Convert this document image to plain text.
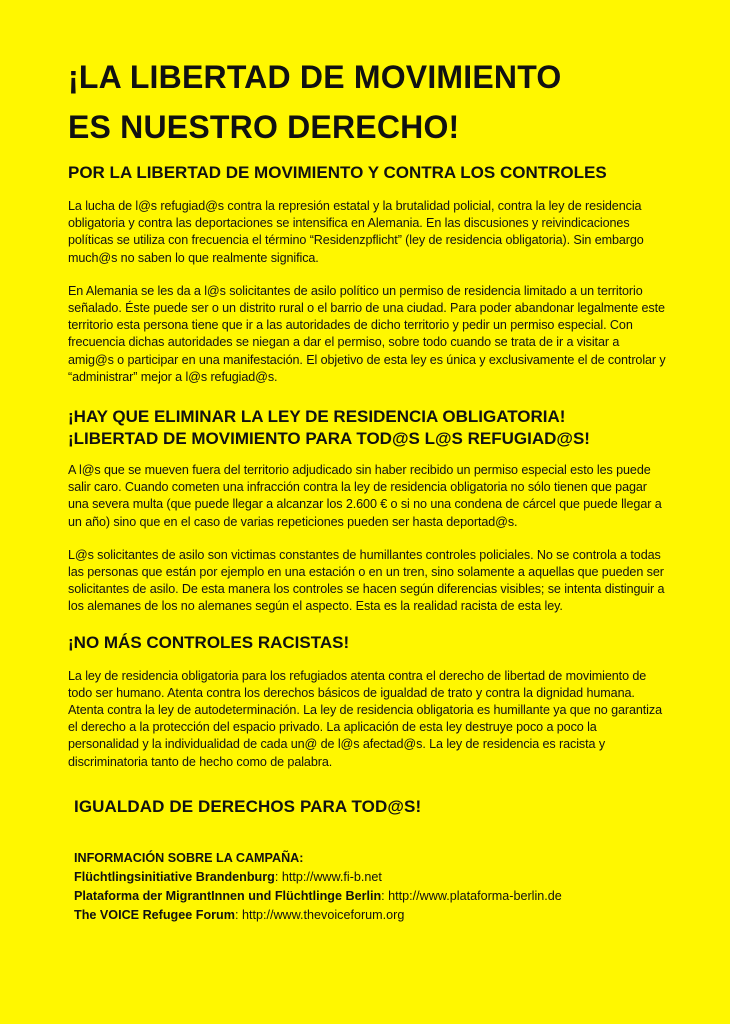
¡LA LIBERTAD DE MOVIMIENTO
ES NUESTRO DERECHO!
POR LA LIBERTAD DE MOVIMIENTO Y CONTRA LOS CONTROLES

La lucha de l@s refugiad@s contra la represión estatal y la brutalidad policial, contra la ley de residencia obligatoria y contra las deportaciones se intensifica en Alemania. En las discusiones y reivindicaciones políticas se utiliza con frecuencia el término “Residenzpflicht” (ley de residencia obligatoria). Sin embargo much@s no saben lo que realmente significa.

En Alemania se les da a l@s solicitantes de asilo político un permiso de residencia limitado a un territorio señalado. Éste puede ser o un distrito rural o el barrio de una ciudad. Para poder abandonar legalmente este territorio esta persona tiene que ir a las autoridades de dicho territorio y pedir un permiso especial. Con frecuencia dichas autoridades se niegan a dar el permiso, sobre todo cuando se trata de ir a visitar a amig@s o participar en una manifestación. El objetivo de esta ley es única y exclusivamente el de controlar y “administrar” mejor a l@s refugiad@s.

¡HAY QUE ELIMINAR LA LEY DE RESIDENCIA OBLIGATORIA!
¡LIBERTAD DE MOVIMIENTO PARA TOD@S L@S REFUGIAD@S!

A l@s que se mueven fuera del territorio adjudicado sin haber recibido un permiso especial esto les puede salir caro. Cuando cometen una infracción contra la ley de residencia obligatoria no sólo tienen que pagar una severa multa (que puede llegar a alcanzar los 2.600 € o si no una condena de cárcel que puede llegar a un año) sino que en el caso de varias repeticiones pueden ser hasta deportad@s.

L@s solicitantes de asilo son victimas constantes de humillantes controles policiales. No se controla a todas las personas que están por ejemplo en una estación o en un tren, sino solamente a aquellas que pueden ser solicitantes de asilo. De esta manera los controles se hacen según diferencias visibles; se intenta distinguir a los alemanes de los no alemanes según el aspecto. Esta es la realidad racista de esta ley.

¡NO MÁS CONTROLES RACISTAS!

La ley de residencia obligatoria para los refugiados atenta contra el derecho de libertad de movimiento de todo ser humano. Atenta contra los derechos básicos de igualdad de trato y contra la dignidad humana. Atenta contra la ley de autodeterminación. La ley de residencia obligatoria es humillante ya que no garantiza el derecho a la protección del espacio privado. La aplicación de esta ley destruye poco a poco la personalidad y la individualidad de cada un@ de l@s afectad@s. La ley de residencia es racista y discriminatoria tanto de hecho como de palabra.

IGUALDAD DE DERECHOS PARA TOD@S!

INFORMACIÓN SOBRE LA CAMPAÑA:

Flüchtlingsinitiative Brandenburg: http://www.fi-b.net

Plataforma der MigrantInnen und Flüchtlinge Berlin: http://www.plataforma-berlin.de

The VOICE Refugee Forum: http://www.thevoiceforum.org
